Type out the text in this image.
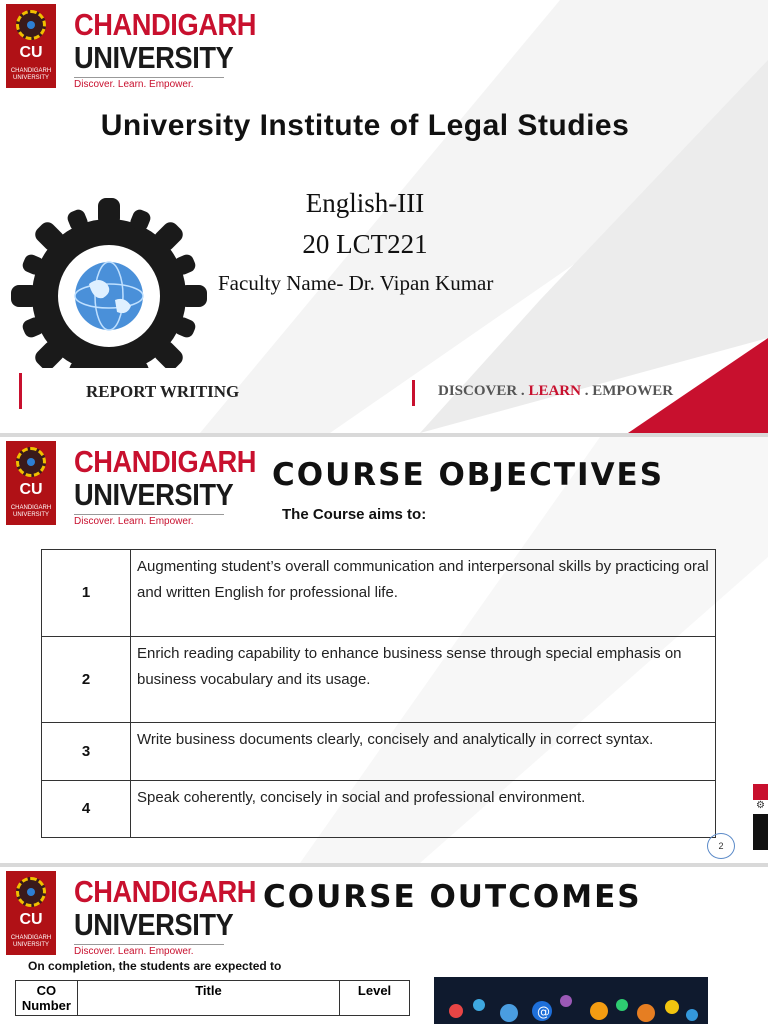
CU
CHANDIGARH UNIVERSITY
CHANDIGARH
UNIVERSITY
Discover. Learn. Empower.
University Institute of Legal Studies
English-III
20 LCT221
Faculty Name- Dr. Vipan Kumar
REPORT WRITING	DISCOVER . LEARN . EMPOWER
CU
CHANDIGARH UNIVERSITY
CHANDIGARH
UNIVERSITY
Discover. Learn. Empower.
COURSE OBJECTIVES
The Course aims to:
1	Augmenting student’s overall communication and interpersonal skills by practicing oral and written English for professional life.
2	Enrich reading capability to enhance business sense through special emphasis on business vocabulary and its usage.
3	Write business documents clearly, concisely and analytically in correct syntax.
4	Speak coherently, concisely in social and professional environment.	⚙
2
CU
CHANDIGARH UNIVERSITY
CHANDIGARH
UNIVERSITY
Discover. Learn. Empower.
COURSE OUTCOMES
On completion, the students are expected to
CO Number	Title	Level
@
